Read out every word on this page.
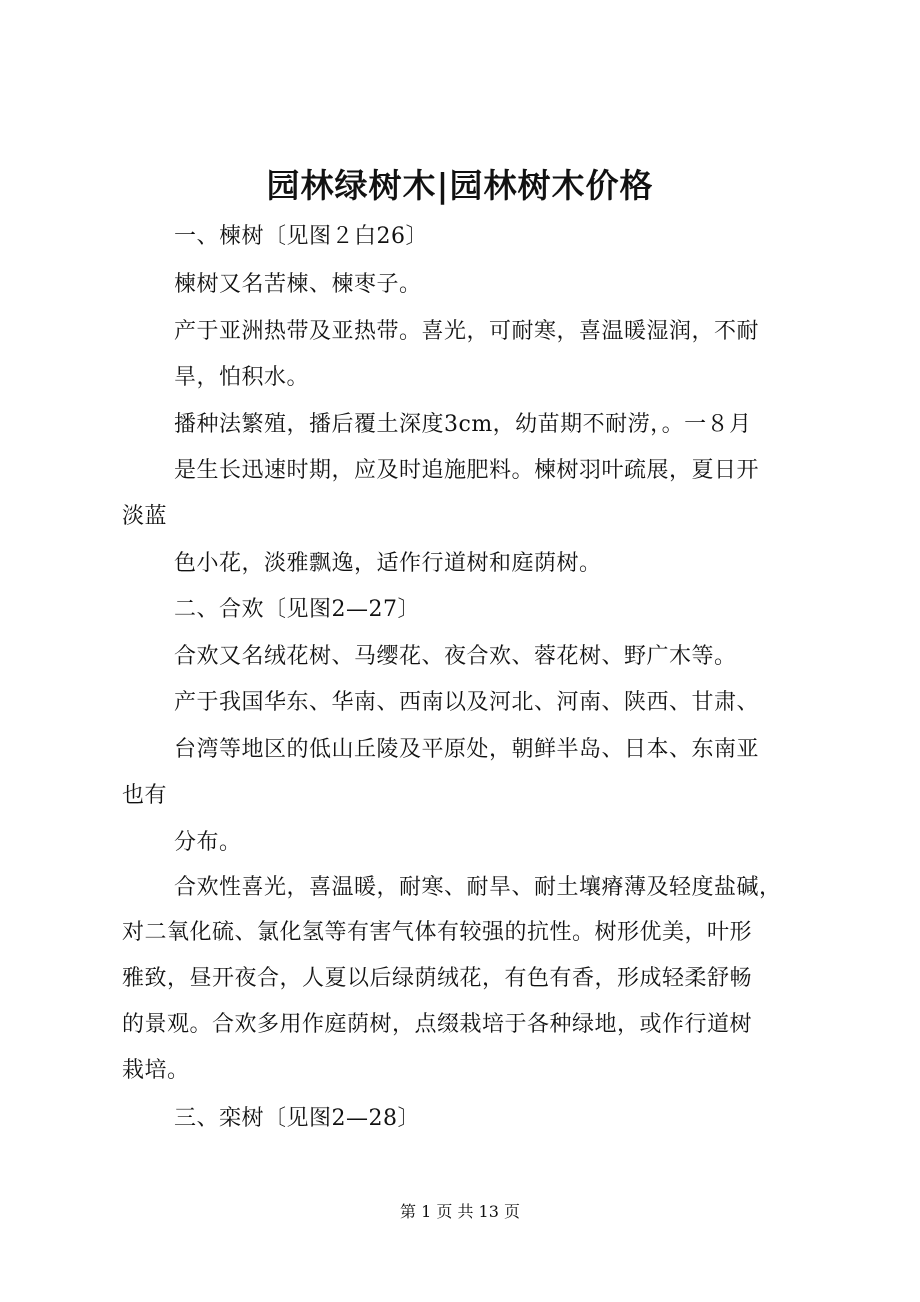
园林绿树木|园林树木价格
一、楝树〔见图２白26〕
楝树又名苦楝、楝枣子。
产于亚洲热带及亚热带。喜光，可耐寒，喜温暖湿润，不耐
旱，怕积水。
播种法繁殖，播后覆土深度3cm，幼苗期不耐涝，。一８月
是生长迅速时期，应及时追施肥料。楝树羽叶疏展，夏日开
淡蓝
色小花，淡雅飘逸，适作行道树和庭荫树。
二、合欢〔见图2—27〕
合欢又名绒花树、马缨花、夜合欢、蓉花树、野广木等。
产于我国华东、华南、西南以及河北、河南、陕西、甘肃、
台湾等地区的低山丘陵及平原处，朝鲜半岛、日本、东南亚
也有
分布。
合欢性喜光，喜温暖，耐寒、耐旱、耐土壤瘠薄及轻度盐碱，
对二氧化硫、氯化氢等有害气体有较强的抗性。树形优美，叶形
雅致，昼开夜合，人夏以后绿荫绒花，有色有香，形成轻柔舒畅
的景观。合欢多用作庭荫树，点缀栽培于各种绿地，或作行道树
栽培。
三、栾树〔见图2—28〕
第 1 页 共 13 页
